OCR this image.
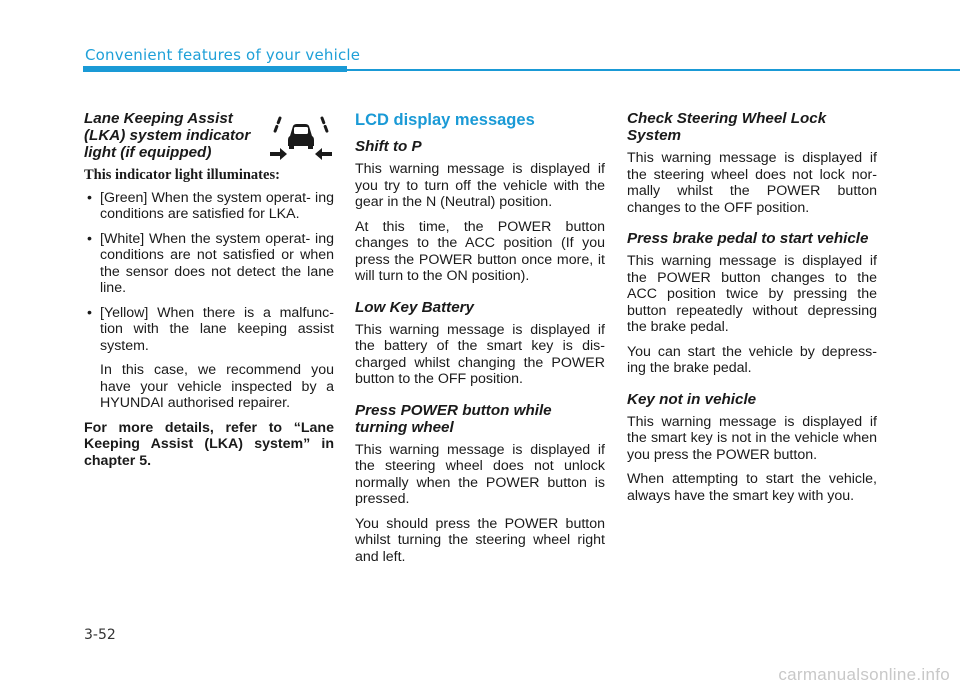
Convenient features of your vehicle
Lane Keeping Assist (LKA) system indicator light (if equipped)
This indicator light illuminates:
• [Green] When the system operat- ing conditions are satisfied for LKA.
• [White] When the system operat- ing conditions are not satisfied or when the sensor does not detect the lane line.
• [Yellow] When there is a malfunc- tion with the lane keeping assist system.

In this case, we recommend you have your vehicle inspected by a HYUNDAI authorised repairer.

For more details, refer to “Lane Keeping Assist (LKA) system” in chapter 5.

LCD display messages
Shift to P

This warning message is displayed if you try to turn off the vehicle with the gear in the N (Neutral) position.

At this time, the POWER button changes to the ACC position (If you press the POWER button once more, it will turn to the ON position).

Low Key Battery

This warning message is displayed if the battery of the smart key is dis- charged whilst changing the POWER button to the OFF position.

Press POWER button while turning wheel

This warning message is displayed if the steering wheel does not unlock normally when the POWER button is pressed.

You should press the POWER button whilst turning the steering wheel right and left.

Check Steering Wheel Lock System

This warning message is displayed if the steering wheel does not lock nor- mally whilst the POWER button changes to the OFF position.

Press brake pedal to start vehicle

This warning message is displayed if the POWER button changes to the ACC position twice by pressing the button repeatedly without depressing the brake pedal.

You can start the vehicle by depress- ing the brake pedal.

Key not in vehicle

This warning message is displayed if the smart key is not in the vehicle when you press the POWER button.

When attempting to start the vehicle, always have the smart key with you.

3-52
carmanualsonline.info
